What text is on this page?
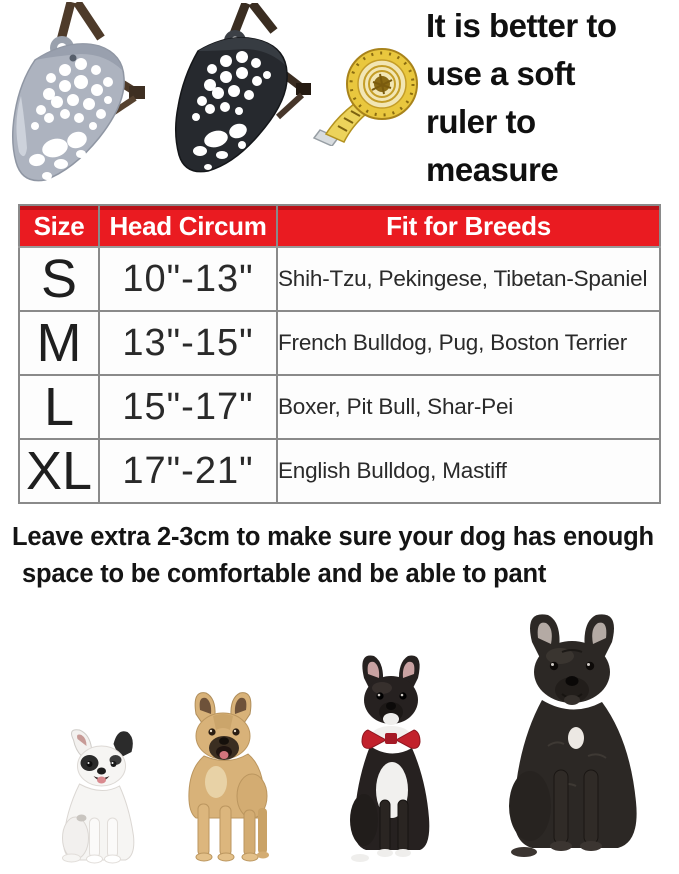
It is better to
use a soft
ruler to
measure
Size	Head Circum	Fit for Breeds
S	10"-13"	Shih-Tzu, Pekingese, Tibetan-Spaniel
M	13"-15"	French Bulldog, Pug, Boston Terrier
L	15"-17"	Boxer, Pit Bull, Shar-Pei
XL	17"-21"	English Bulldog, Mastiff
Leave extra 2-3cm to make sure your dog has enough
space to be comfortable and be able to pant
